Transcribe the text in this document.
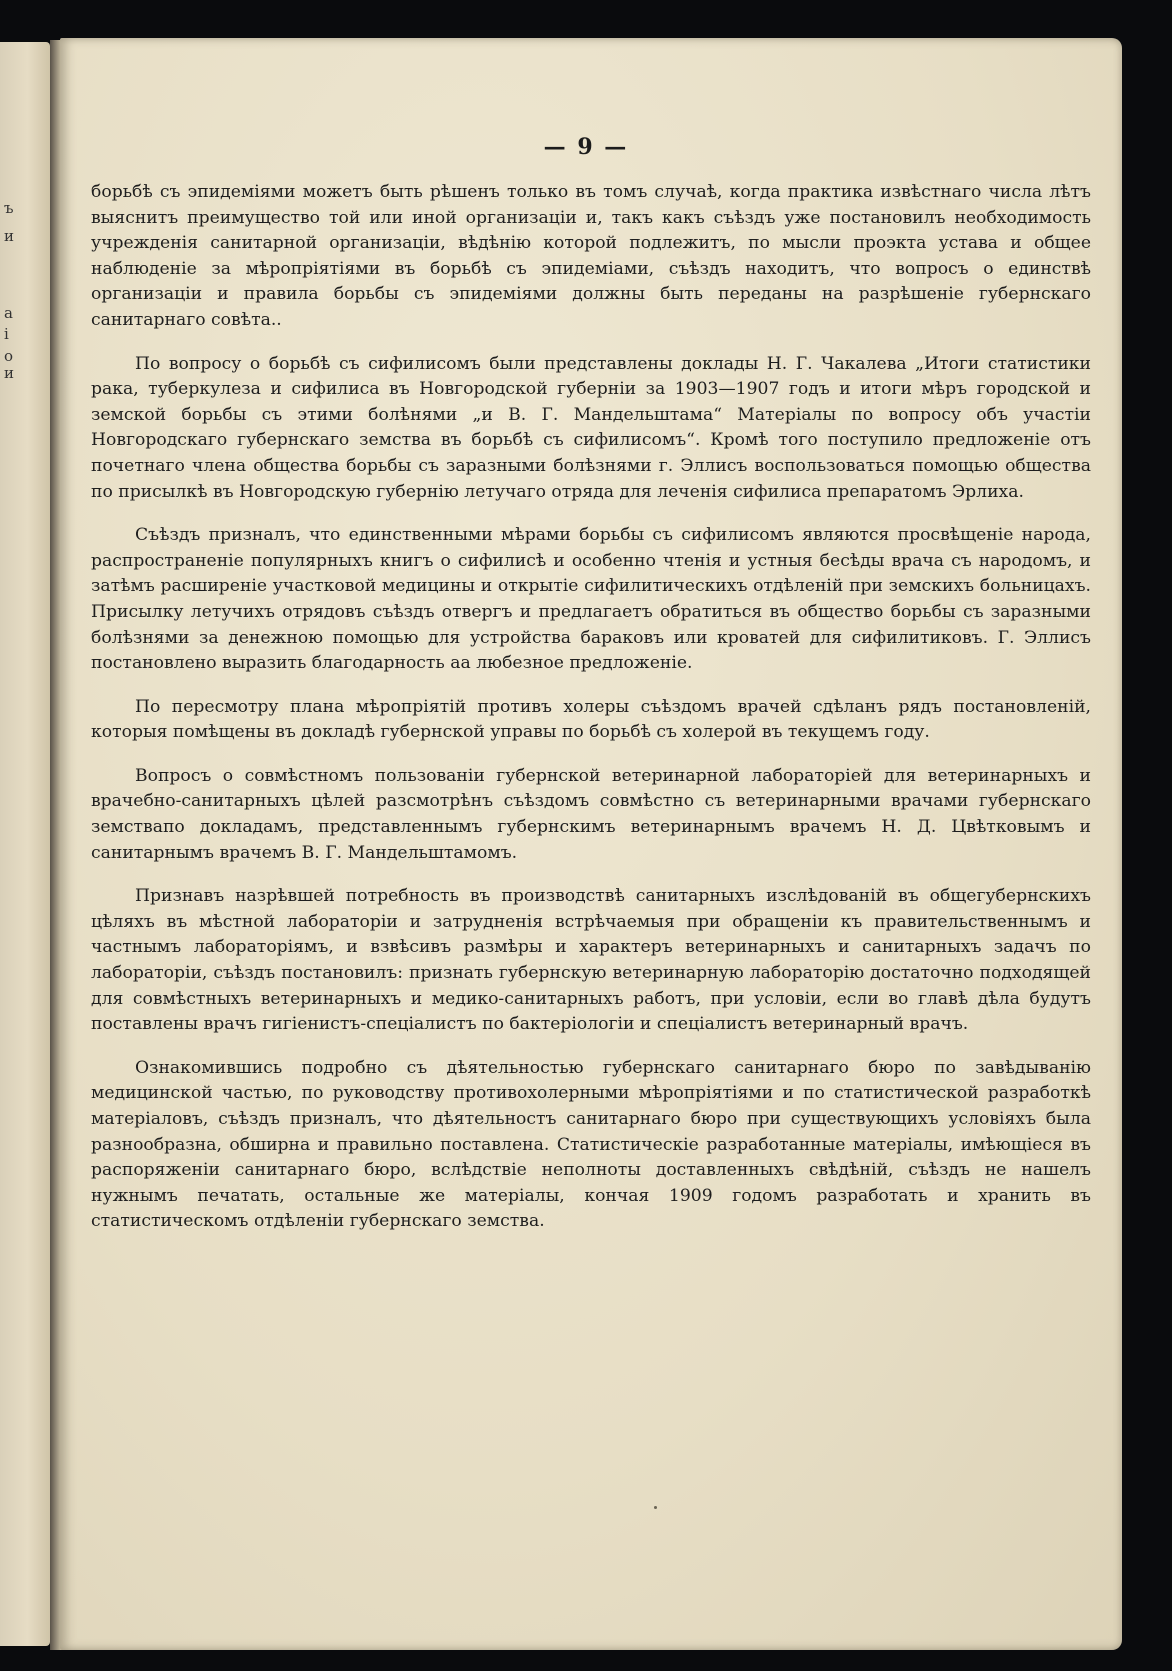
ъ
и
а
і
о
и
— 9 —

борьбѣ съ эпидеміями можетъ быть рѣшенъ только въ томъ случаѣ, когда практика извѣстнаго числа лѣтъ выяснитъ преимущество той или иной организаціи и, такъ какъ съѣздъ уже постановилъ необходимость учрежденія санитарной организаціи, вѣдѣнію которой подлежитъ, по мысли проэкта устава и общее наблюденіе за мѣропріятіями въ борьбѣ съ эпидеміами, съѣздъ находитъ, что вопросъ о единствѣ организаціи и правила борьбы съ эпидеміями должны быть переданы на разрѣшеніе губернскаго санитарнаго совѣта..

По вопросу о борьбѣ съ сифилисомъ были представлены доклады Н. Г. Чакалева „Итоги статистики рака, туберкулеза и сифилиса въ Новгородской губерніи за 1903—1907 годъ и итоги мѣръ городской и земской борьбы съ этими болѣнями „и В. Г. Мандельштама“ Матеріалы по вопросу объ участіи Новгородскаго губернскаго земства въ борьбѣ съ сифилисомъ“. Кромѣ того поступило предложеніе отъ почетнаго члена общества борьбы съ заразными болѣзнями г. Эллисъ воспользоваться помощью общества по присылкѣ въ Новгородскую губернію летучаго отряда для леченія сифилиса препаратомъ Эрлиха.

Съѣздъ призналъ, что единственными мѣрами борьбы съ сифилисомъ являются просвѣщеніе народа, распространеніе популярныхъ книгъ о сифилисѣ и особенно чтенія и устныя бесѣды врача съ народомъ, и затѣмъ расширеніе участковой медицины и открытіе сифилитическихъ отдѣленій при земскихъ больницахъ. Присылку летучихъ отрядовъ съѣздъ отвергъ и предлагаетъ обратиться въ общество борьбы съ заразными болѣзнями за денежною помощью для устройства бараковъ или кроватей для сифилитиковъ. Г. Эллисъ постановлено выразить благодарность аа любезное предложеніе.

По пересмотру плана мѣропріятій противъ холеры съѣздомъ врачей сдѣланъ рядъ постановленій, которыя помѣщены въ докладѣ губернской управы по борьбѣ съ холерой въ текущемъ году.

Вопросъ о совмѣстномъ пользованіи губернской ветеринарной лабораторіей для ветеринарныхъ и врачебно-санитарныхъ цѣлей разсмотрѣнъ съѣздомъ совмѣстно съ ветеринарными врачами губернскаго земствапо докладамъ, представленнымъ губернскимъ ветеринарнымъ врачемъ Н. Д. Цвѣтковымъ и санитарнымъ врачемъ В. Г. Мандельштамомъ.

Признавъ назрѣвшей потребность въ производствѣ санитарныхъ изслѣдованій въ общегубернскихъ цѣляхъ въ мѣстной лабораторіи и затрудненія встрѣчаемыя при обращеніи къ правительственнымъ и частнымъ лабораторіямъ, и взвѣсивъ размѣры и характеръ ветеринарныхъ и санитарныхъ задачъ по лабораторіи, съѣздъ постановилъ: признать губернскую ветеринарную лабораторію достаточно подходящей для совмѣстныхъ ветеринарныхъ и медико-санитарныхъ работъ, при условіи, если во главѣ дѣла будутъ поставлены врачъ гигіенистъ-спеціалистъ по бактеріологіи и спеціалистъ ветеринарный врачъ.

Ознакомившись подробно съ дѣятельностью губернскаго санитарнаго бюро по завѣдыванію медицинской частью, по руководству противохолерными мѣропріятіями и по статистической разработкѣ матеріаловъ, съѣздъ призналъ, что дѣятельностъ санитарнаго бюро при существующихъ условіяхъ была разнообразна, обширна и правильно поставлена. Статистическіе разработанные матеріалы, имѣющіеся въ распоряженіи санитарнаго бюро, вслѣдствіе неполноты доставленныхъ свѣдѣній, съѣздъ не нашелъ нужнымъ печатать, остальные же матеріалы, кончая 1909 годомъ разработать и хранить въ статистическомъ отдѣленіи губернскаго земства.
